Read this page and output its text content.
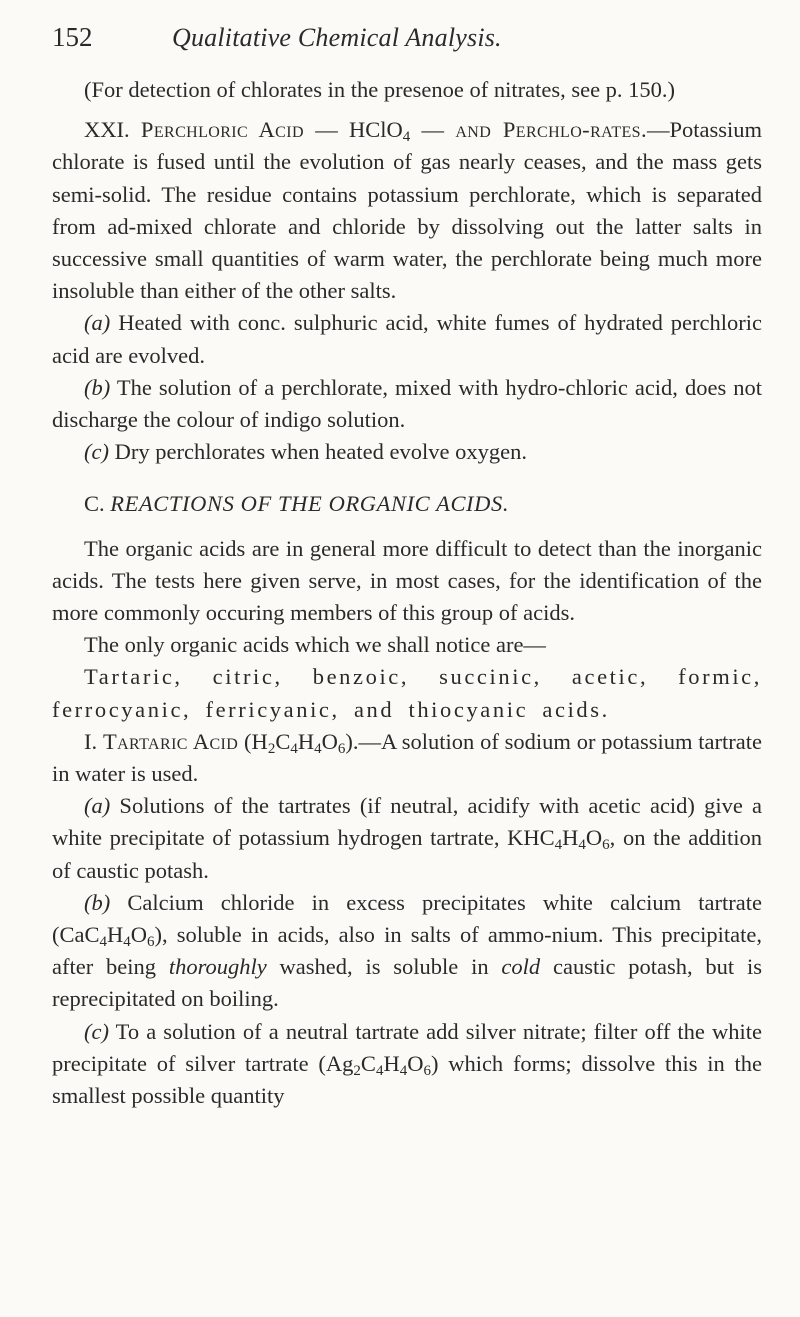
152	Qualitative Chemical Analysis.

(For detection of chlorates in the presenoe of nitrates, see p. 150.)

XXI. Perchloric Acid — HClO$_4$ — and Perchlo-rates.—Potassium chlorate is fused until the evolution of gas nearly ceases, and the mass gets semi-solid. The residue contains potassium perchlorate, which is separated from ad-mixed chlorate and chloride by dissolving out the latter salts in successive small quantities of warm water, the perchlorate being much more insoluble than either of the other salts.

(a) Heated with conc. sulphuric acid, white fumes of hydrated perchloric acid are evolved.

(b) The solution of a perchlorate, mixed with hydro-chloric acid, does not discharge the colour of indigo solution.

(c) Dry perchlorates when heated evolve oxygen.

C. REACTIONS OF THE ORGANIC ACIDS.

The organic acids are in general more difficult to detect than the inorganic acids. The tests here given serve, in most cases, for the identification of the more commonly occuring members of this group of acids.

The only organic acids which we shall notice are—

Tartaric, citric, benzoic, succinic, acetic, formic, ferrocyanic, ferricyanic, and thiocyanic acids.

I. Tartaric Acid $(H_2C_4H_4O_6).—A$ solution of sodium or potassium tartrate in water is used.

(a) Solutions of the tartrates (if neutral, acidify with acetic acid) give a white precipitate of potassium hydrogen tartrate, $KHC_4H_4O_6$, on the addition of caustic potash.

(b) Calcium chloride in excess precipitates white calcium tartrate $(CaC_4H_4O_6)$, soluble in acids, also in salts of ammo-nium. This precipitate, after being thoroughly washed, is soluble in cold caustic potash, but is reprecipitated on boiling.

(c) To a solution of a neutral tartrate add silver nitrate; filter off the white precipitate of silver tartrate $(Ag_2C_4H_4O_6)$ which forms; dissolve this in the smallest possible quantity
